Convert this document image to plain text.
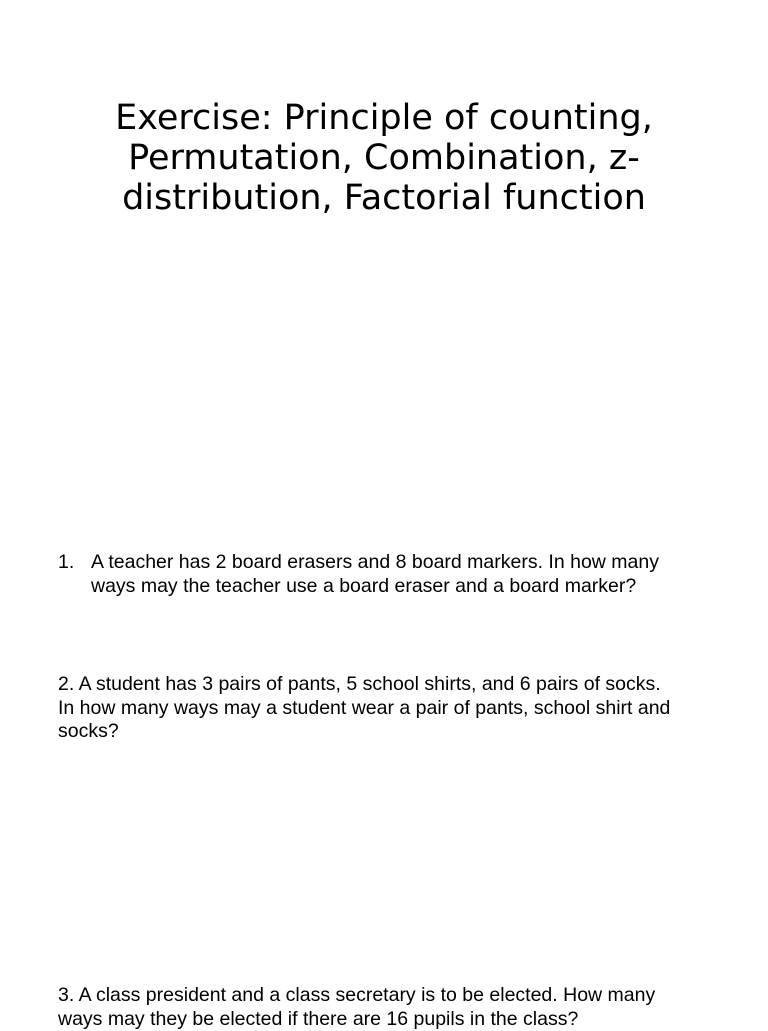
Exercise: Principle of counting,
Permutation, Combination, z-
distribution, Factorial function
1. A teacher has 2 board erasers and 8 board markers. In how many
ways may the teacher use a board eraser and a board marker?
2. A student has 3 pairs of pants, 5 school shirts, and 6 pairs of socks.
In how many ways may a student wear a pair of pants, school shirt and
socks?
3. A class president and a class secretary is to be elected. How many
ways may they be elected if there are 16 pupils in the class?
